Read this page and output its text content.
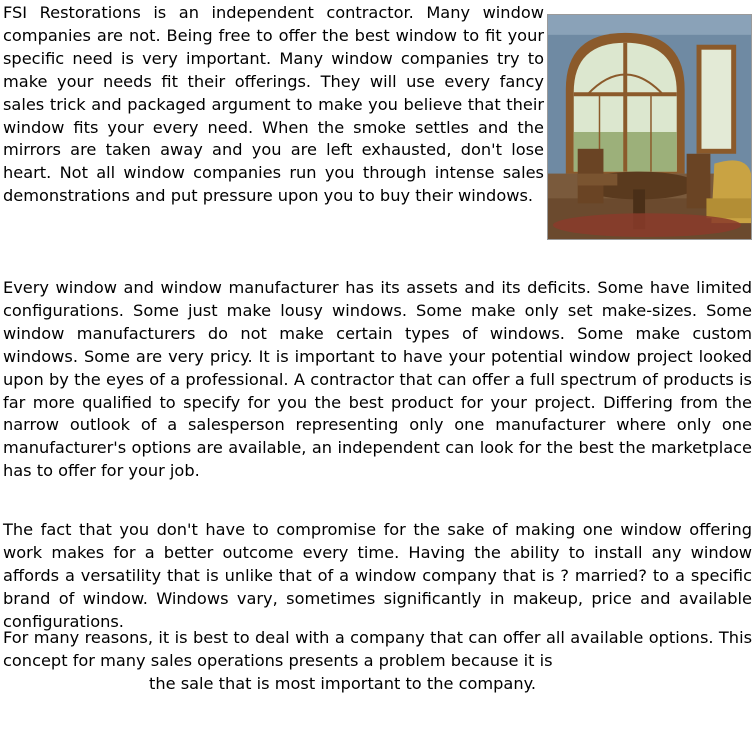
FSI Restorations is an independent contractor. Many window companies are not. Being free to offer the best window to fit your specific need is very important. Many window companies try to make your needs fit their offerings. They will use every fancy sales trick and packaged argument to make you believe that their window fits your every need. When the smoke settles and the mirrors are taken away and you are left exhausted, don't lose heart. Not all window companies run you through intense sales demonstrations and put pressure upon you to buy their windows.

Every window and window manufacturer has its assets and its deficits. Some have limited configurations. Some just make lousy windows. Some make only set make-sizes. Some window manufacturers do not make certain types of windows. Some make custom windows. Some are very pricy. It is important to have your potential window project looked upon by the eyes of a professional. A contractor that can offer a full spectrum of products is far more qualified to specify for you the best product for your project. Differing from the narrow outlook of a salesperson representing only one manufacturer where only one manufacturer's options are available, an independent can look for the best the marketplace has to offer for your job.

The fact that you don't have to compromise for the sake of making one window offering work makes for a better outcome every time. Having the ability to install any window affords a versatility that is unlike that of a window company that is ? married? to a specific brand of window. Windows vary, sometimes significantly in makeup, price and available configurations.

For many reasons, it is best to deal with a company that can offer all available options. This concept for many sales operations presents a problem because it is
the sale that is most important to the company.
